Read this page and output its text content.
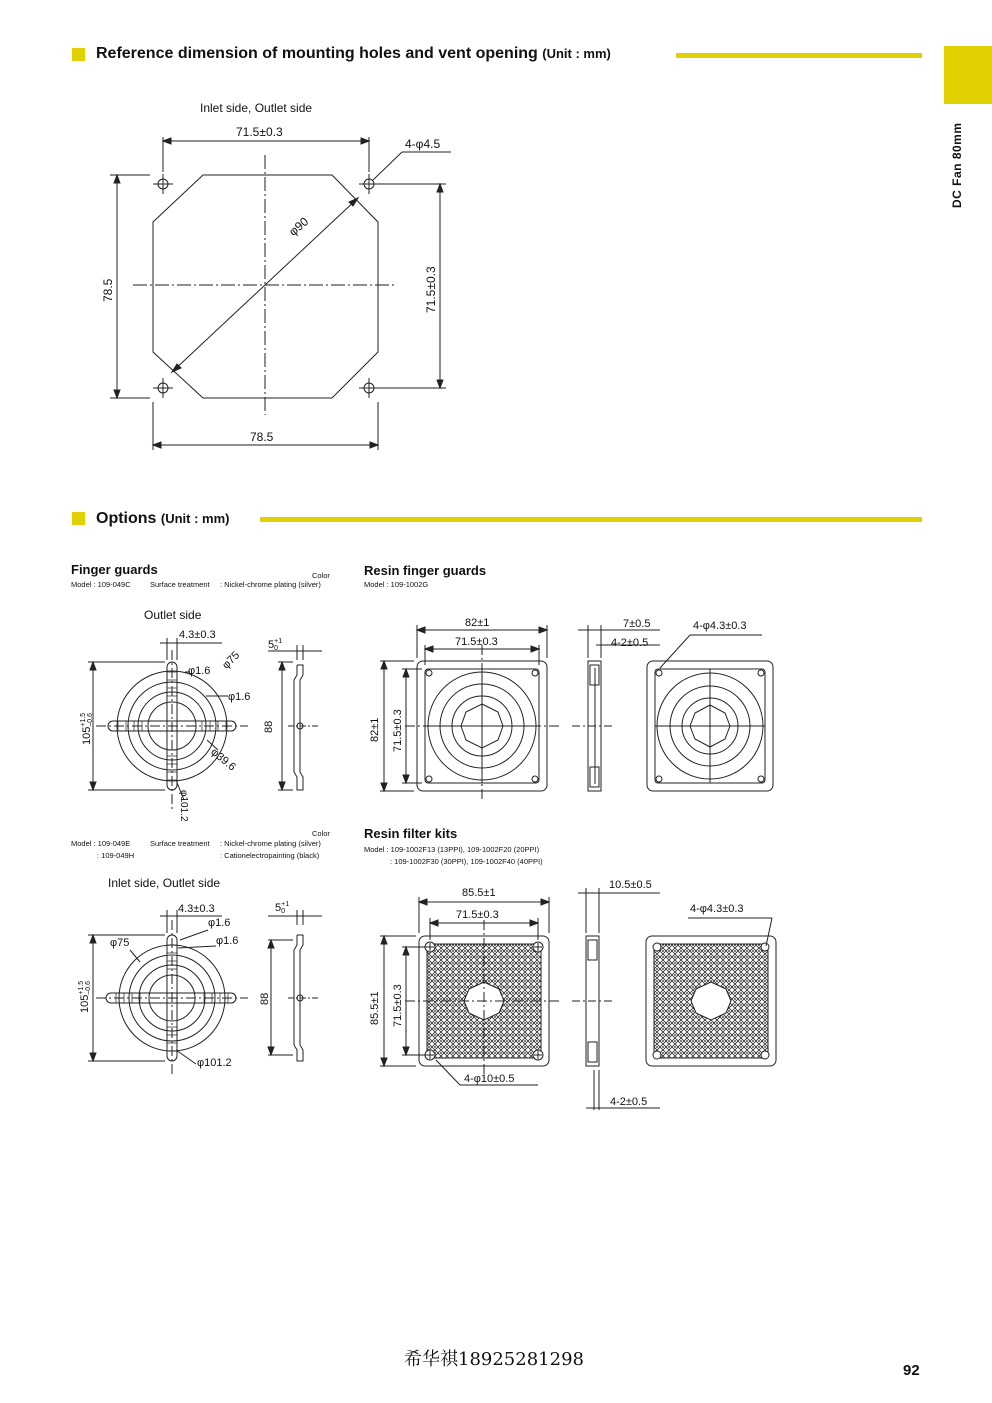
DC Fan 80mm
Reference dimension of mounting holes and vent opening (Unit : mm)
Inlet side, Outlet side
71.5±0.3
4-φ4.5
φ90
78.5	71.5±0.3
78.5
Options (Unit : mm)
Finger guards	Color
Model : 109-049C	Surface treatment : Nickel-chrome plating (silver)
Outlet side
4.3±0.3
5+1
0
φ1.6 φ75
φ1.6
105+1.5
–0.6
88
φ39.6
φ101.2
Color
Model : 109-049E
: 109-049H
Surface treatment : Nickel-chrome plating (silver)
: Cationelectropainting (black)
Inlet side, Outlet side
4.3±0.3	5+1
0
φ1.6
φ75	φ1.6
105+1.5
–0.6
88
φ101.2
Resin finger guards
Model : 109-1002G
82±1
71.5±0.3
82±1 71.5±0.3
7±0.5
4-2±0.5
4-φ4.3±0.3
Resin filter kits
Model : 109-1002F13 (13PPI), 109-1002F20 (20PPI)
: 109-1002F30 (30PPI), 109-1002F40 (40PPI)
85.5±1
71.5±0.3
85.5±1 71.5±0.3
10.5±0.5
4-φ4.3±0.3
4-φ10±0.5
4-2±0.5
希华祺18925281298
92
